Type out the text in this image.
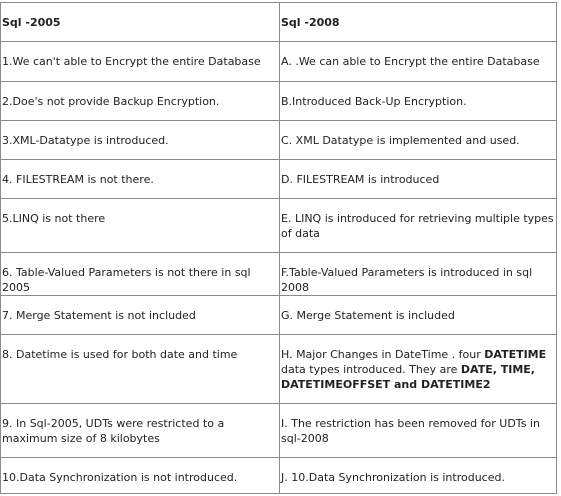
Sql -2005	Sql -2008
1.We can't able to Encrypt the entire Database	A. .We can able to Encrypt the entire Database
2.Doe's not provide Backup Encryption.	B.Introduced Back-Up Encryption.
3.XML-Datatype is introduced.	C. XML Datatype is implemented and used.
4. FILESTREAM is not there.	D. FILESTREAM is introduced
5.LINQ is not there	E. LINQ is introduced for retrieving multiple types of data
6. Table-Valued Parameters is not there in sql 2005	F.Table-Valued Parameters is introduced in sql 2008
7. Merge Statement is not included	G. Merge Statement is included
8. Datetime is used for both date and time	H. Major Changes in DateTime . four DATETIME data types introduced. They are DATE, TIME, DATETIMEOFFSET and DATETIME2
9. In Sql-2005, UDTs were restricted to a maximum size of 8 kilobytes	I. The restriction has been removed for UDTs in sql-2008
10.Data Synchronization is not introduced.	J. 10.Data Synchronization is introduced.
